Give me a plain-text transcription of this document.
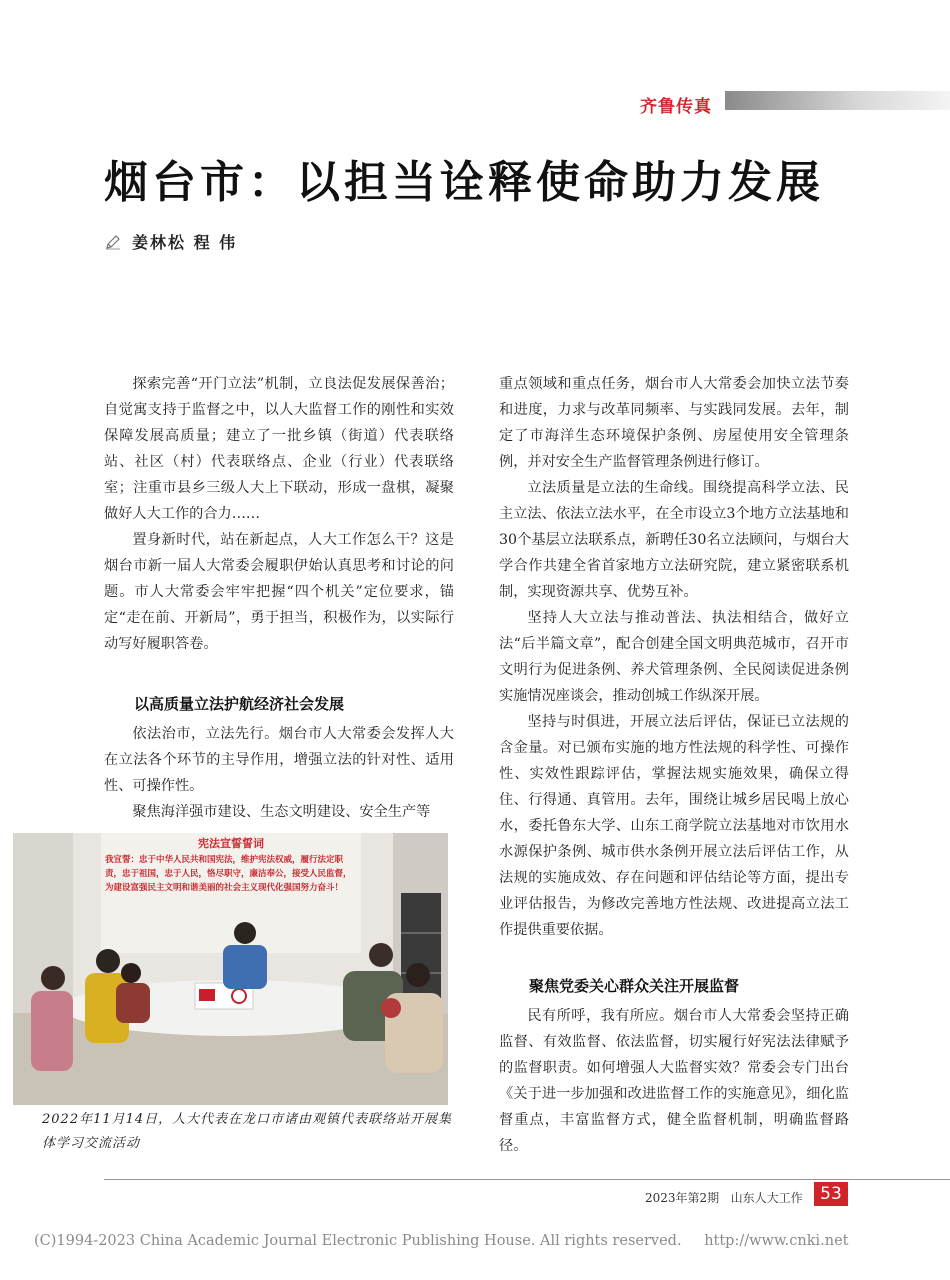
齐鲁传真
烟台市：以担当诠释使命助力发展
姜林松 程 伟

探索完善“开门立法”机制，立良法促发展保善治；自觉寓支持于监督之中，以人大监督工作的刚性和实效保障发展高质量；建立了一批乡镇（街道）代表联络站、社区（村）代表联络点、企业（行业）代表联络室；注重市县乡三级人大上下联动，形成一盘棋，凝聚做好人大工作的合力……

置身新时代，站在新起点，人大工作怎么干？这是烟台市新一届人大常委会履职伊始认真思考和讨论的问题。市人大常委会牢牢把握“四个机关”定位要求，锚定“走在前、开新局”，勇于担当，积极作为，以实际行动写好履职答卷。

以高质量立法护航经济社会发展

依法治市，立法先行。烟台市人大常委会发挥人大在立法各个环节的主导作用，增强立法的针对性、适用性、可操作性。

聚焦海洋强市建设、生态文明建设、安全生产等

重点领域和重点任务，烟台市人大常委会加快立法节奏和进度，力求与改革同频率、与实践同发展。去年，制定了市海洋生态环境保护条例、房屋使用安全管理条例，并对安全生产监督管理条例进行修订。

立法质量是立法的生命线。围绕提高科学立法、民主立法、依法立法水平，在全市设立3个地方立法基地和30个基层立法联系点，新聘任30名立法顾问，与烟台大学合作共建全省首家地方立法研究院，建立紧密联系机制，实现资源共享、优势互补。

坚持人大立法与推动普法、执法相结合，做好立法“后半篇文章”，配合创建全国文明典范城市，召开市文明行为促进条例、养犬管理条例、全民阅读促进条例实施情况座谈会，推动创城工作纵深开展。

坚持与时俱进，开展立法后评估，保证已立法规的含金量。对已颁布实施的地方性法规的科学性、可操作性、实效性跟踪评估，掌握法规实施效果，确保立得住、行得通、真管用。去年，围绕让城乡居民喝上放心水，委托鲁东大学、山东工商学院立法基地对市饮用水水源保护条例、城市供水条例开展立法后评估工作，从法规的实施成效、存在问题和评估结论等方面，提出专业评估报告，为修改完善地方性法规、改进提高立法工作提供重要依据。

聚焦党委关心群众关注开展监督

民有所呼，我有所应。烟台市人大常委会坚持正确监督、有效监督、依法监督，切实履行好宪法法律赋予的监督职责。如何增强人大监督实效？常委会专门出台《关于进一步加强和改进监督工作的实施意见》，细化监督重点，丰富监督方式，健全监督机制，明确监督路径。

宪法宣誓誓词
我宣誓：忠于中华人民共和国宪法，维护宪法权威，履行法定职责，忠于祖国，忠于人民，恪尽职守，廉洁奉公，接受人民监督，为建设富强民主文明和谐美丽的社会主义现代化强国努力奋斗！
2022年11月14日，人大代表在龙口市诸由观镇代表联络站开展集体学习交流活动
2023年第2期 山东人大工作	53
(C)1994-2023 China Academic Journal Electronic Publishing House. All rights reserved. http://www.cnki.net
